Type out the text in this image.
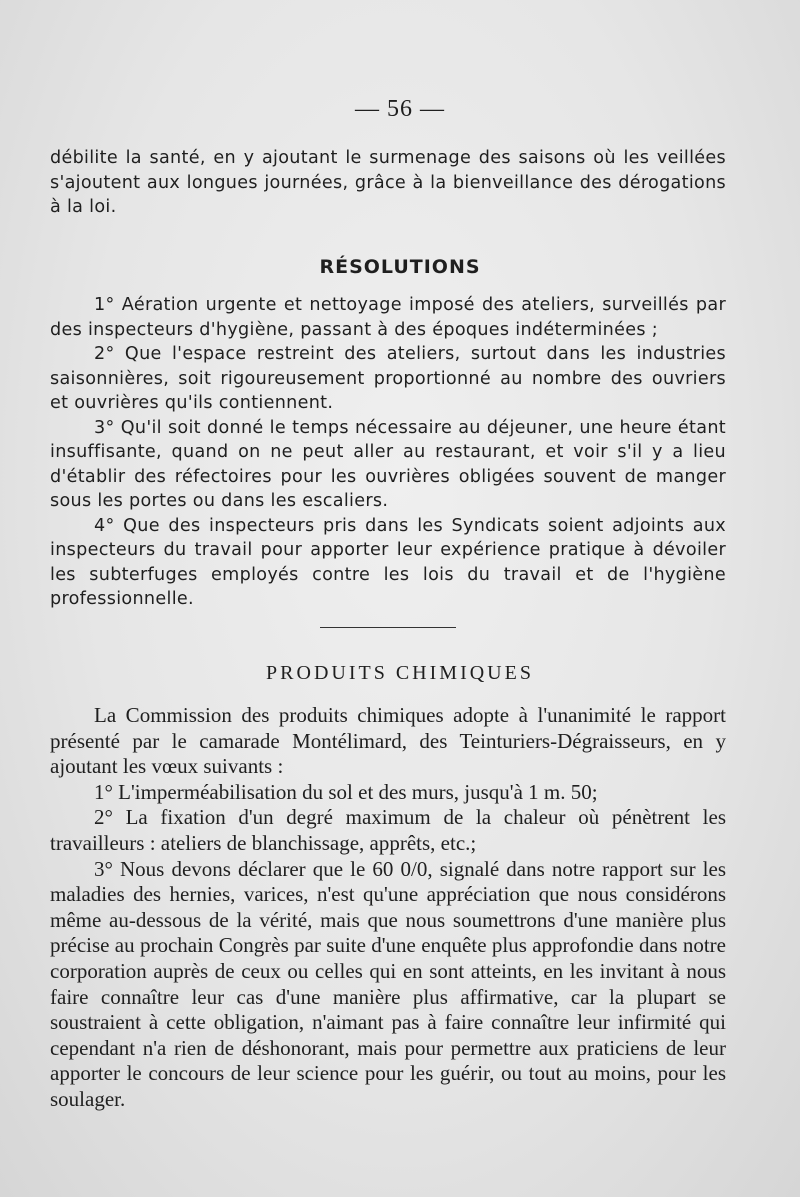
— 56 —

débilite la santé, en y ajoutant le surmenage des saisons où les veillées s'ajoutent aux longues journées, grâce à la bienveillance des dérogations à la loi.

RÉSOLUTIONS

1° Aération urgente et nettoyage imposé des ateliers, surveillés par des inspecteurs d'hygiène, passant à des époques indéterminées ;

2° Que l'espace restreint des ateliers, surtout dans les industries saisonnières, soit rigoureusement proportionné au nombre des ouvriers et ouvrières qu'ils contiennent.

3° Qu'il soit donné le temps nécessaire au déjeuner, une heure étant insuffisante, quand on ne peut aller au restaurant, et voir s'il y a lieu d'établir des réfectoires pour les ouvrières obligées souvent de manger sous les portes ou dans les escaliers.

4° Que des inspecteurs pris dans les Syndicats soient adjoints aux inspecteurs du travail pour apporter leur expérience pratique à dévoiler les subterfuges employés contre les lois du travail et de l'hygiène professionnelle.

PRODUITS CHIMIQUES

La Commission des produits chimiques adopte à l'unanimité le rapport présenté par le camarade Montélimard, des Teinturiers-Dégraisseurs, en y ajoutant les vœux suivants :

1° L'imperméabilisation du sol et des murs, jusqu'à 1 m. 50;

2° La fixation d'un degré maximum de la chaleur où pénètrent les travailleurs : ateliers de blanchissage, apprêts, etc.;

3° Nous devons déclarer que le 60 0/0, signalé dans notre rapport sur les maladies des hernies, varices, n'est qu'une appréciation que nous considérons même au-dessous de la vérité, mais que nous soumettrons d'une manière plus précise au prochain Congrès par suite d'une enquête plus approfondie dans notre corporation auprès de ceux ou celles qui en sont atteints, en les invitant à nous faire connaître leur cas d'une manière plus affirmative, car la plupart se soustraient à cette obligation, n'aimant pas à faire connaître leur infirmité qui cependant n'a rien de déshonorant, mais pour permettre aux praticiens de leur apporter le concours de leur science pour les guérir, ou tout au moins, pour les soulager.
